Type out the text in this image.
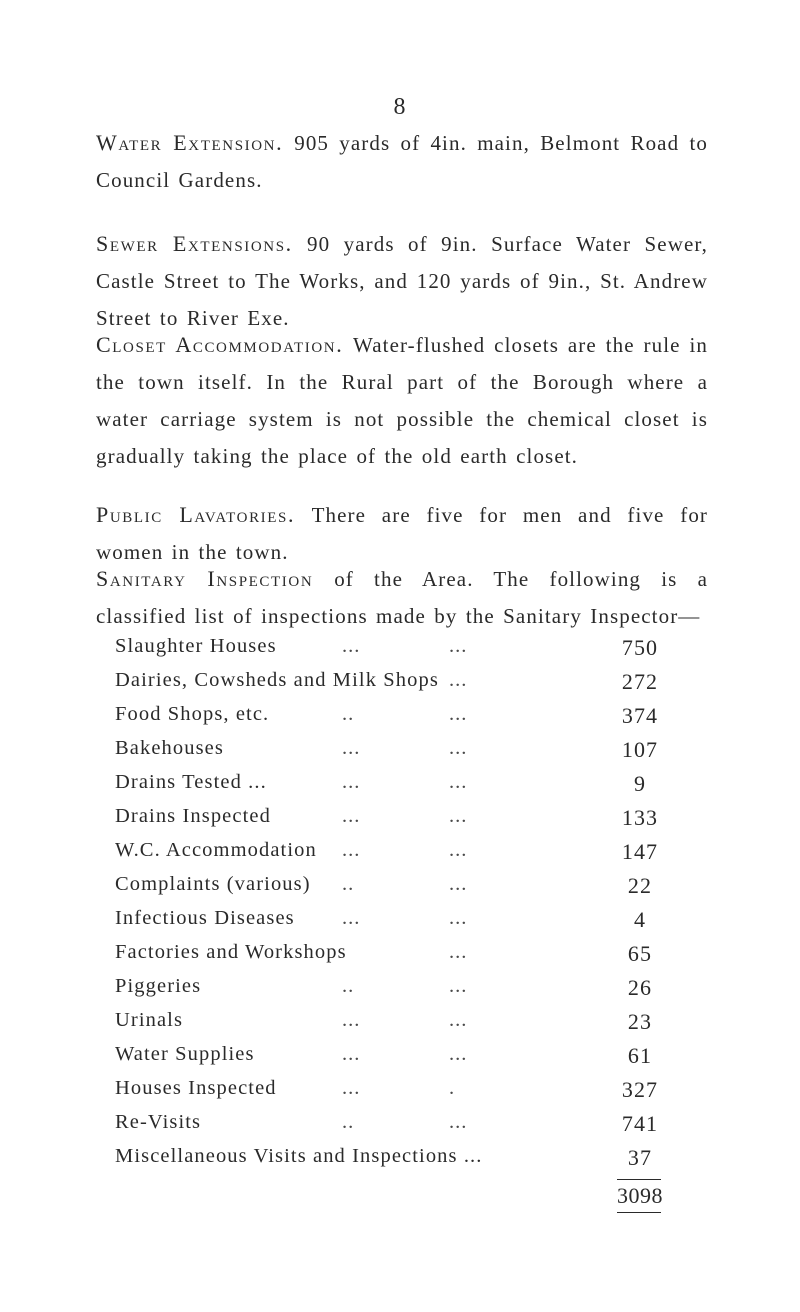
8
Water Extension. 905 yards of 4in. main, Belmont Road to Council Gardens.
Sewer Extensions. 90 yards of 9in. Surface Water Sewer, Castle Street to The Works, and 120 yards of 9in., St. Andrew Street to River Exe.
Closet Accommodation. Water-flushed closets are the rule in the town itself. In the Rural part of the Borough where a water carriage system is not possible the chemical closet is gradually taking the place of the old earth closet.
Public Lavatories. There are five for men and five for women in the town.
Sanitary Inspection of the Area. The following is a classified list of inspections made by the Sanitary Inspector—
Slaughter Houses	...	...	750
Dairies, Cowsheds and Milk Shops ...	272
Food Shops, etc.	..	...	374
Bakehouses	...	...	107
Drains Tested ...	...	...	9
Drains Inspected	...	...	133
W.C. Accommodation ...	...	147
Complaints (various) ..	...	22
Infectious Diseases ...	...	4
Factories and Workshops	...	65
Piggeries	..	...	26
Urinals	...	...	23
Water Supplies	...	...	61
Houses Inspected	...	.	327
Re-Visits	..	...	741
Miscellaneous Visits and Inspections ...	37
3098
